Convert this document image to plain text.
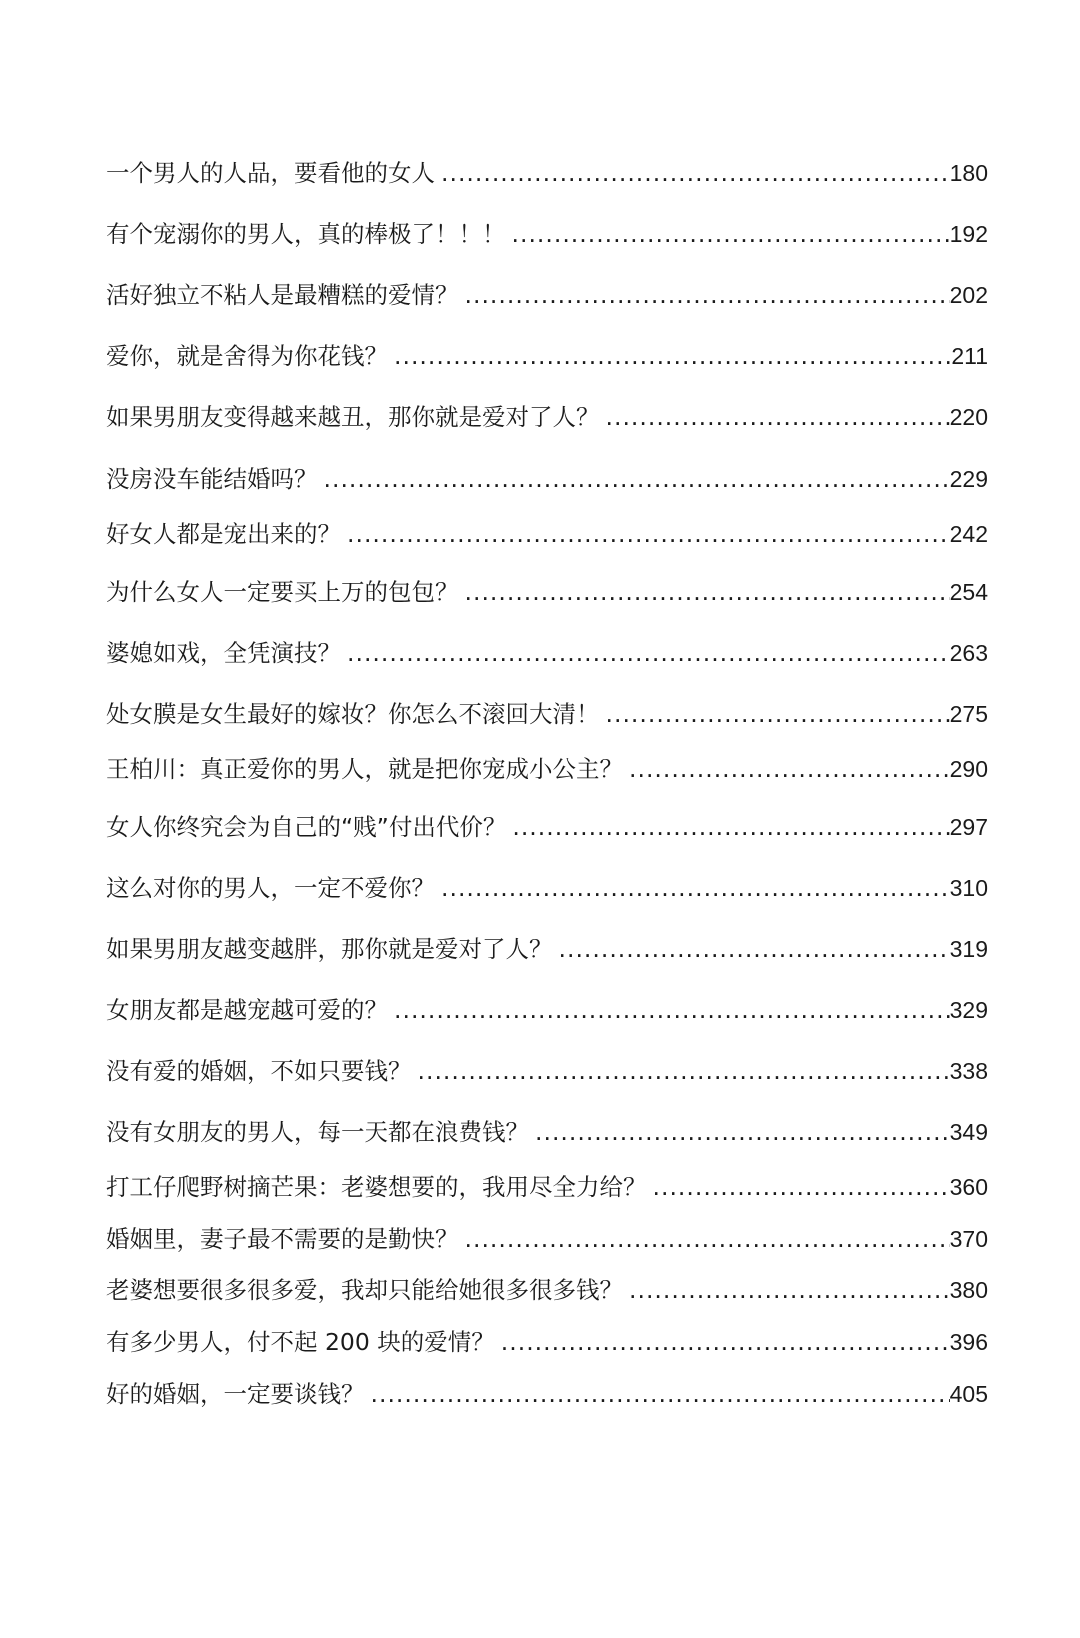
一个男人的人品，要看他的女人 .....	180
有个宠溺你的男人，真的棒极了！！！ .....	192
活好独立不粘人是最糟糕的爱情？ .....	202
爱你，就是舍得为你花钱？ .....	211
如果男朋友变得越来越丑，那你就是爱对了人？ .....	220
没房没车能结婚吗？ .....	229
好女人都是宠出来的？ .....	242
为什么女人一定要买上万的包包？ .....	254
婆媳如戏，全凭演技？ .....	263
处女膜是女生最好的嫁妆？你怎么不滚回大清！ .....	275
王柏川：真正爱你的男人，就是把你宠成小公主？ .....	290
女人你终究会为自己的“贱”付出代价？ .....	297
这么对你的男人，一定不爱你？ .....	310
如果男朋友越变越胖，那你就是爱对了人？ .....	319
女朋友都是越宠越可爱的？ .....	329
没有爱的婚姻，不如只要钱？ .....	338
没有女朋友的男人，每一天都在浪费钱？ .....	349
打工仔爬野树摘芒果：老婆想要的，我用尽全力给？ .....	360
婚姻里，妻子最不需要的是勤快？ .....	370
老婆想要很多很多爱，我却只能给她很多很多钱？ .....	380
有多少男人，付不起 200 块的爱情？ .....	396
好的婚姻，一定要谈钱？ .....	405
